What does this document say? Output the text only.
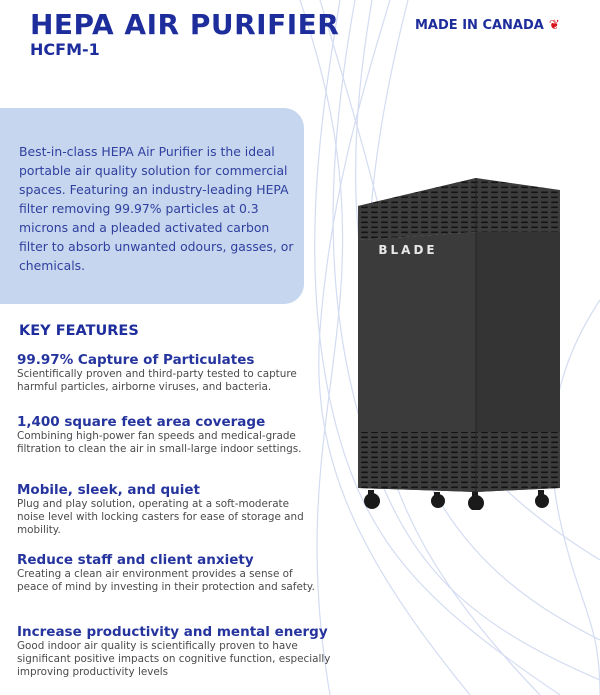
HEPA AIR PURIFIER
HCFM-1
MADE IN CANADA ❦

Best-in-class HEPA Air Purifier is the ideal portable air quality solution for commercial spaces. Featuring an industry-leading HEPA filter removing 99.97% particles at 0.3 microns and a pleaded activated carbon filter to absorb unwanted odours, gasses, or chemicals.

KEY FEATURES
99.97% Capture of Particulates

Scientifically proven and third-party tested to capture harmful particles, airborne viruses, and bacteria.

1,400 square feet area coverage

Combining high-power fan speeds and medical-grade filtration to clean the air in small-large indoor settings.

Mobile, sleek, and quiet

Plug and play solution, operating at a soft-moderate noise level with locking casters for ease of storage and mobility.

Reduce staff and client anxiety

Creating a clean air environment provides a sense of peace of mind by investing in their protection and safety.

Increase productivity and mental energy

Good indoor air quality is scientifically proven to have significant positive impacts on cognitive function, especially improving productivity levels

BLADE
